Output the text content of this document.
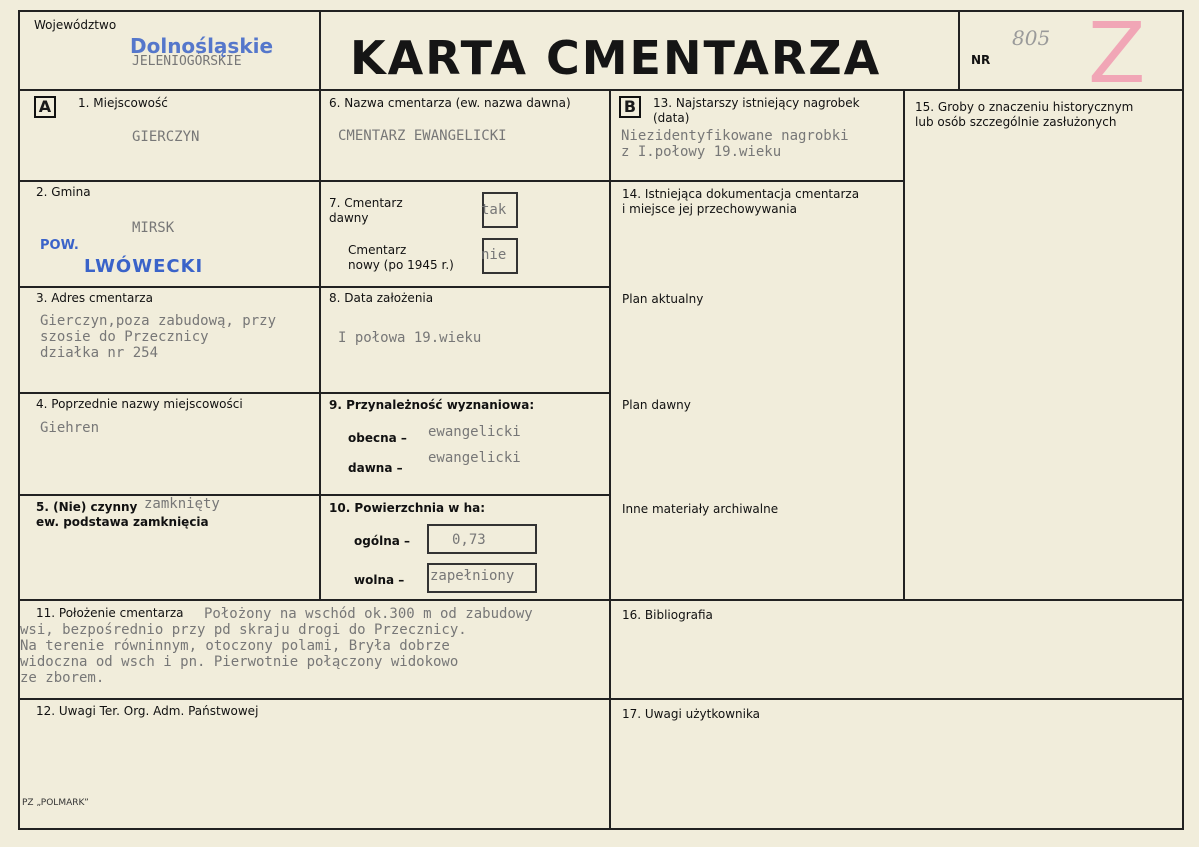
Województwo
JELENIOGÓRSKIE
Dolnośląskie KARTA CMENTARZA	NR
805 Z
A	1. Miejscowość
GIERCZYN
2. Gmina
MIRSK
POW.
LWÓWECKI
3. Adres cmentarza
Gierczyn,poza zabudową, przy
szosie do Przecznicy
działka nr 254
4. Poprzednie nazwy miejscowości
Giehren
5. (Nie) czynny
ew. podstawa zamknięcia
zamknięty
6. Nazwa cmentarza (ew. nazwa dawna)
CMENTARZ EWANGELICKI
7. Cmentarz
dawny	tak
Cmentarz
nowy (po 1945 r.)
nie
8. Data założenia
I połowa 19.wieku
9. Przynależność wyznaniowa:
obecna – ewangelicki
dawna –
ewangelicki
10. Powierzchnia w ha:
ogólna –	0,73
wolna – zapełniony
B	13. Najstarszy istniejący nagrobek
(data)
Niezidentyfikowane nagrobki
z I.połowy 19.wieku
14. Istniejąca dokumentacja cmentarza
i miejsce jej przechowywania
Plan aktualny
Plan dawny
Inne materiały archiwalne
15. Groby o znaczeniu historycznym
lub osób szczególnie zasłużonych
11. Położenie cmentarza Położony na wschód ok.300 m od zabudowy
wsi, bezpośrednio przy pd skraju drogi do Przecznicy.
Na terenie równinnym, otoczony polami, Bryła dobrze
widoczna od wsch i pn. Pierwotnie połączony widokowo
ze zborem.
16. Bibliografia
12. Uwagi Ter. Org. Adm. Państwowej	17. Uwagi użytkownika
PZ „POLMARK”
